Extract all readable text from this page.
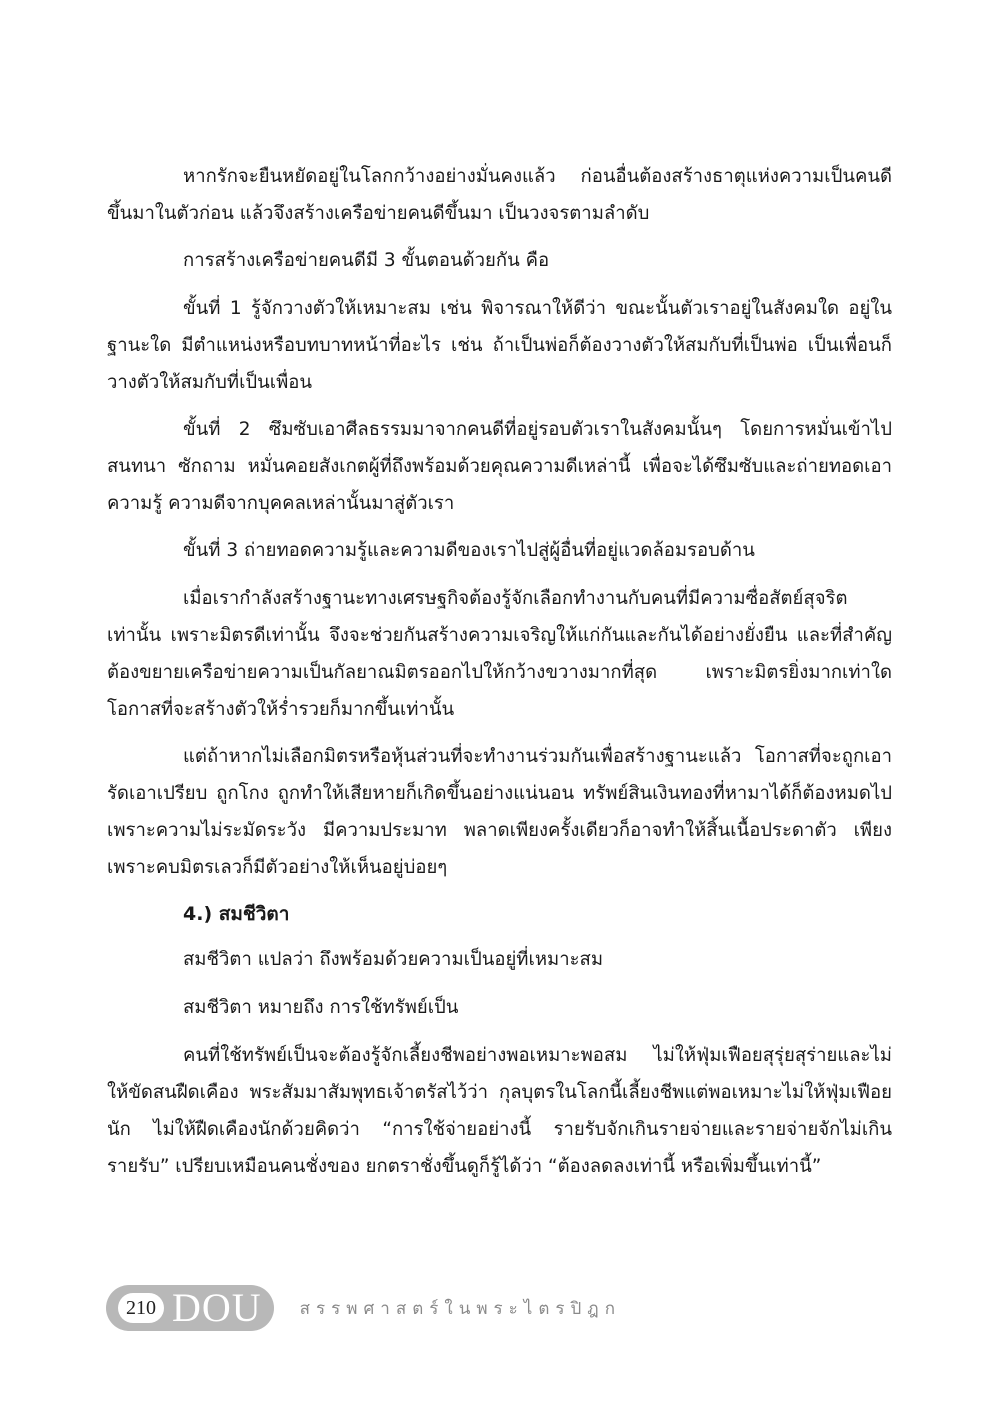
หากรักจะยืนหยัดอยู่ในโลกกว้างอย่างมั่นคงแล้ว ก่อนอื่นต้องสร้างธาตุแห่งความเป็นคนดีขึ้นมาในตัวก่อน แล้วจึงสร้างเครือข่ายคนดีขึ้นมา เป็นวงจรตามลำดับ

การสร้างเครือข่ายคนดีมี 3 ขั้นตอนด้วยกัน คือ

ขั้นที่ 1 รู้จักวางตัวให้เหมาะสม เช่น พิจารณาให้ดีว่า ขณะนั้นตัวเราอยู่ในสังคมใด อยู่ในฐานะใด มีตำแหน่งหรือบทบาทหน้าที่อะไร เช่น ถ้าเป็นพ่อก็ต้องวางตัวให้สมกับที่เป็นพ่อ เป็นเพื่อนก็วางตัวให้สมกับที่เป็นเพื่อน

ขั้นที่ 2 ซึมซับเอาศีลธรรมมาจากคนดีที่อยู่รอบตัวเราในสังคมนั้นๆ โดยการหมั่นเข้าไปสนทนา ซักถาม หมั่นคอยสังเกตผู้ที่ถึงพร้อมด้วยคุณความดีเหล่านี้ เพื่อจะได้ซึมซับและถ่ายทอดเอาความรู้ ความดีจากบุคคลเหล่านั้นมาสู่ตัวเรา

ขั้นที่ 3 ถ่ายทอดความรู้และความดีของเราไปสู่ผู้อื่นที่อยู่แวดล้อมรอบด้าน

เมื่อเรากำลังสร้างฐานะทางเศรษฐกิจต้องรู้จักเลือกทำงานกับคนที่มีความซื่อสัตย์สุจริตเท่านั้น เพราะมิตรดีเท่านั้น จึงจะช่วยกันสร้างความเจริญให้แก่กันและกันได้อย่างยั่งยืน และที่สำคัญต้องขยายเครือข่ายความเป็นกัลยาณมิตรออกไปให้กว้างขวางมากที่สุด เพราะมิตรยิ่งมากเท่าใด โอกาสที่จะสร้างตัวให้ร่ำรวยก็มากขึ้นเท่านั้น

แต่ถ้าหากไม่เลือกมิตรหรือหุ้นส่วนที่จะทำงานร่วมกันเพื่อสร้างฐานะแล้ว โอกาสที่จะถูกเอารัดเอาเปรียบ ถูกโกง ถูกทำให้เสียหายก็เกิดขึ้นอย่างแน่นอน ทรัพย์สินเงินทองที่หามาได้ก็ต้องหมดไปเพราะความไม่ระมัดระวัง มีความประมาท พลาดเพียงครั้งเดียวก็อาจทำให้สิ้นเนื้อประดาตัว เพียงเพราะคบมิตรเลวก็มีตัวอย่างให้เห็นอยู่บ่อยๆ

4.) สมชีวิตา

สมชีวิตา แปลว่า ถึงพร้อมด้วยความเป็นอยู่ที่เหมาะสม

สมชีวิตา หมายถึง การใช้ทรัพย์เป็น

คนที่ใช้ทรัพย์เป็นจะต้องรู้จักเลี้ยงชีพอย่างพอเหมาะพอสม ไม่ให้ฟุ่มเฟือยสุรุ่ยสุร่ายและไม่ให้ขัดสนฝืดเคือง พระสัมมาสัมพุทธเจ้าตรัสไว้ว่า กุลบุตรในโลกนี้เลี้ยงชีพแต่พอเหมาะไม่ให้ฟุ่มเฟือยนัก ไม่ให้ฝืดเคืองนักด้วยคิดว่า “การใช้จ่ายอย่างนี้ รายรับจักเกินรายจ่ายและรายจ่ายจักไม่เกินรายรับ” เปรียบเหมือนคนชั่งของ ยกตราชั่งขึ้นดูก็รู้ได้ว่า “ต้องลดลงเท่านี้ หรือเพิ่มขึ้นเท่านี้”

210 DOU สรรพศาสตร์ในพระไตรปิฎก
